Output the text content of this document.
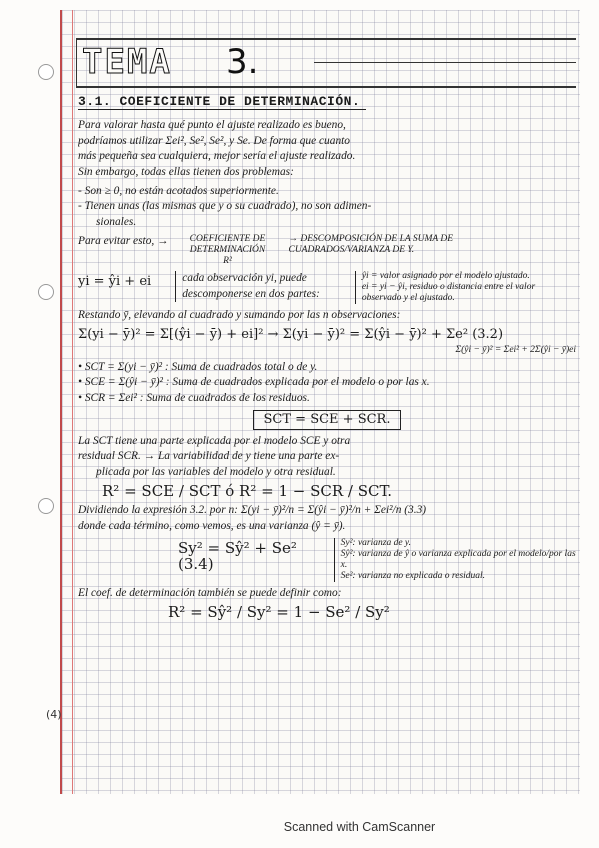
(4)
TEMA 3.
3.1. COEFICIENTE DE DETERMINACIÓN.
Para valorar hasta qué punto el ajuste realizado es bueno,
podríamos utilizar Σei², Se², Se², y Se. De forma que cuanto
más pequeña sea cualquiera, mejor sería el ajuste realizado.
Sin embargo, todas ellas tienen dos problemas:
- Son ≥ 0, no están acotados superiormente.
- Tienen unas (las mismas que y o su cuadrado), no son adimen-
sionales.
Para evitar esto, →	COEFICIENTE DE DETERMINACIÓN
R²
→ DESCOMPOSICIÓN DE LA SUMA DE CUADRADOS/VARIANZA DE Y.
yi = ŷi + ei	cada observación yi, puede descomponerse en dos partes:
ŷi = valor asignado por el modelo ajustado.
ei = yi − ŷi, residuo o distancia entre el valor observado y el ajustado.
Restando ȳ, elevando al cuadrado y sumando por las n observaciones:
Σ(yi − ȳ)² = Σ[(ŷi − ȳ) + ei]² → Σ(yi − ȳ)² = Σ(ŷi − ȳ)² + Σe² (3.2)
Σ(ŷi − ȳ)² = Σei² + 2Σ(ŷi − ȳ)ei
• SCT = Σ(yi − ȳ)² : Suma de cuadrados total o de y.
• SCE = Σ(ŷi − ȳ)² : Suma de cuadrados explicada por el modelo o por las x.
• SCR = Σei² : Suma de cuadrados de los residuos.
SCT = SCE + SCR.
La SCT tiene una parte explicada por el modelo SCE y otra
residual SCR. → La variabilidad de y tiene una parte ex-
plicada por las variables del modelo y otra residual.
R² = SCE / SCT ó R² = 1 − SCR / SCT.
Dividiendo la expresión 3.2. por n: Σ(yi − ȳ)²/n = Σ(ŷi − ȳ)²/n + Σei²/n (3.3)
donde cada término, como vemos, es una varianza (ŷ = ȳ).
Sy² = Sŷ² + Se² (3.4)
Sy²: varianza de y.
Sŷ²: varianza de ŷ o varianza explicada por el modelo/por las x.
Se²: varianza no explicada o residual.
El coef. de determinación también se puede definir como:
R² = Sŷ² / Sy² = 1 − Se² / Sy²
Scanned with CamScanner
